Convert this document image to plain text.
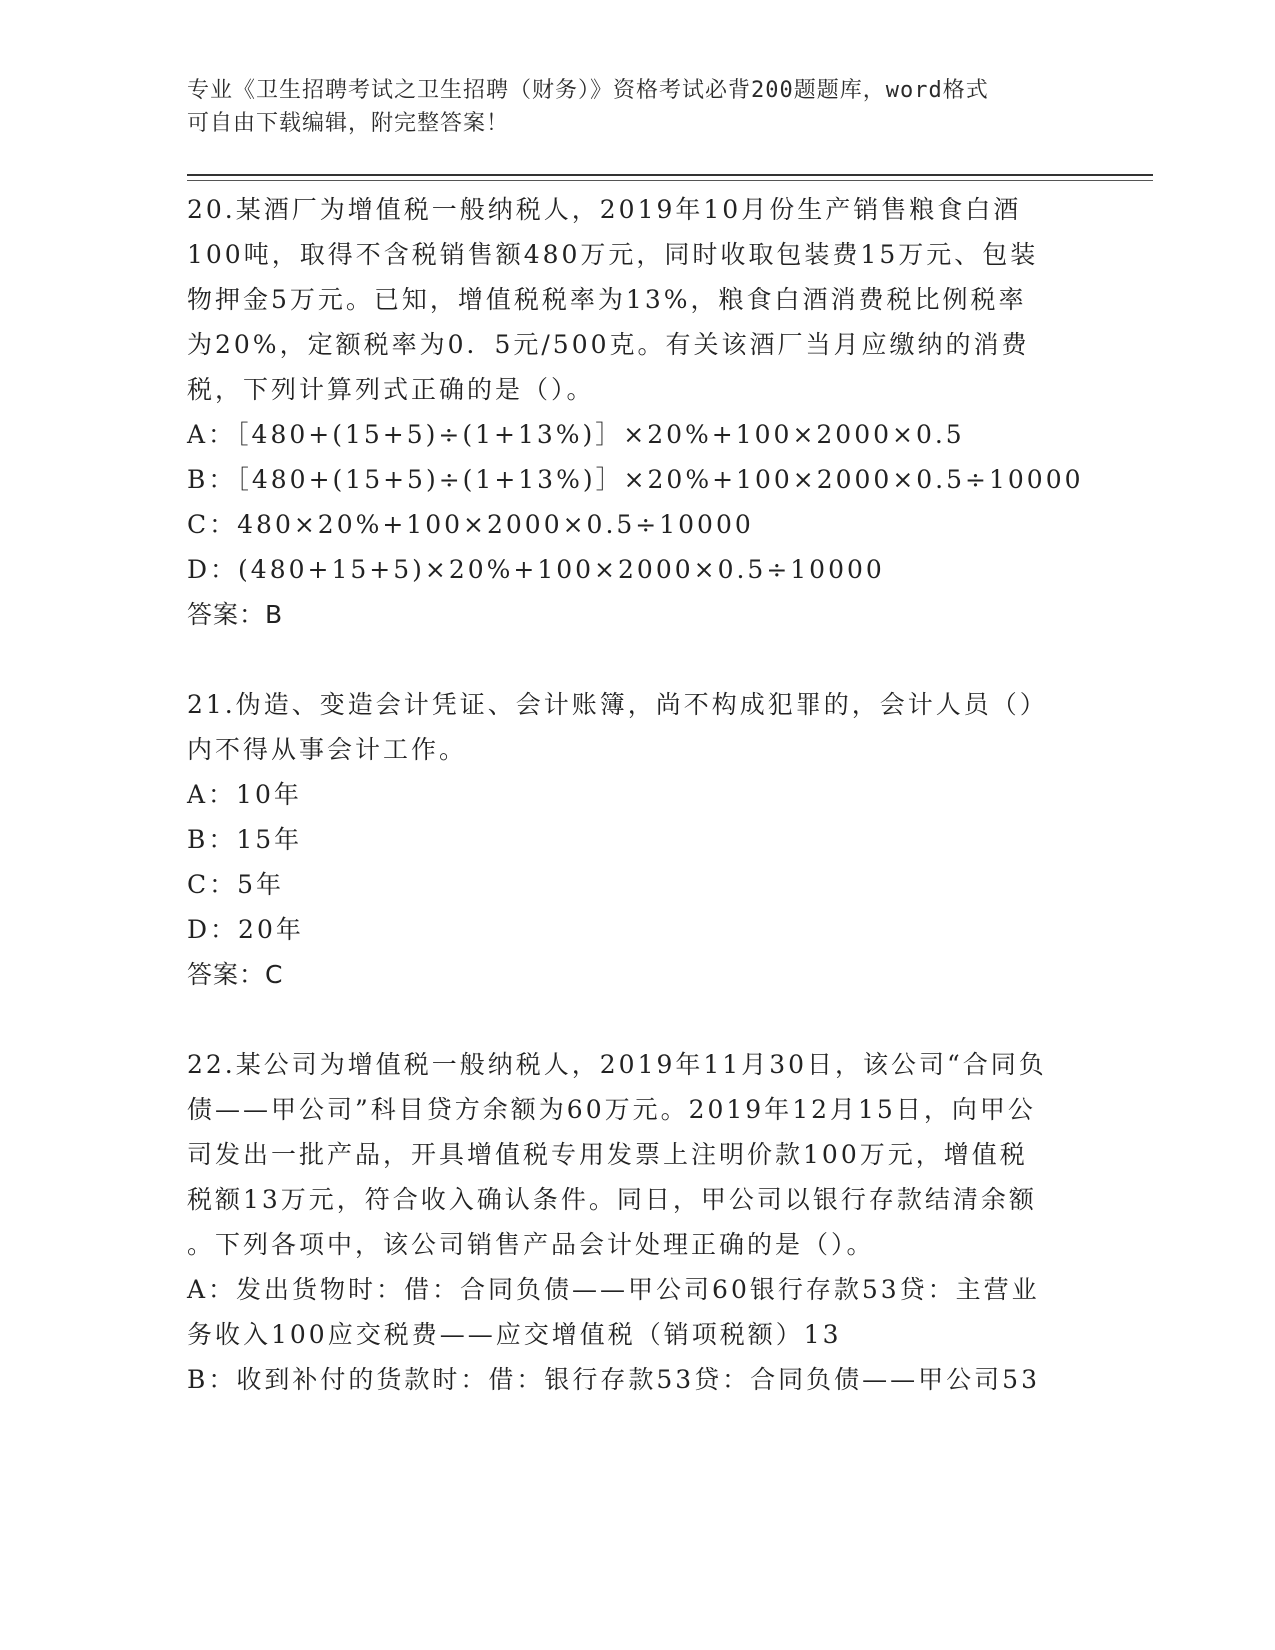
专业《卫生招聘考试之卫生招聘（财务）》资格考试必背200题题库，word格式
可自由下载编辑，附完整答案！
20.某酒厂为增值税一般纳税人，2019年10月份生产销售粮食白酒
100吨，取得不含税销售额480万元，同时收取包装费15万元、包装
物押金5万元。已知，增值税税率为13%，粮食白酒消费税比例税率
为20%，定额税率为0．5元/500克。有关该酒厂当月应缴纳的消费
税，下列计算列式正确的是（）。
A：［480+(15+5)÷(1+13%)］×20%+100×2000×0.5
B：［480+(15+5)÷(1+13%)］×20%+100×2000×0.5÷10000
C：480×20%+100×2000×0.5÷10000
D：(480+15+5)×20%+100×2000×0.5÷10000
答案：B
21.伪造、变造会计凭证、会计账簿，尚不构成犯罪的，会计人员（）
内不得从事会计工作。
A：10年
B：15年
C：5年
D：20年
答案：C
22.某公司为增值税一般纳税人，2019年11月30日，该公司“合同负
债——甲公司”科目贷方余额为60万元。2019年12月15日，向甲公
司发出一批产品，开具增值税专用发票上注明价款100万元，增值税
税额13万元，符合收入确认条件。同日，甲公司以银行存款结清余额
。下列各项中，该公司销售产品会计处理正确的是（）。
A：发出货物时：借：合同负债——甲公司60银行存款53贷：主营业
务收入100应交税费——应交增值税（销项税额）13
B：收到补付的货款时：借：银行存款53贷：合同负债——甲公司53
